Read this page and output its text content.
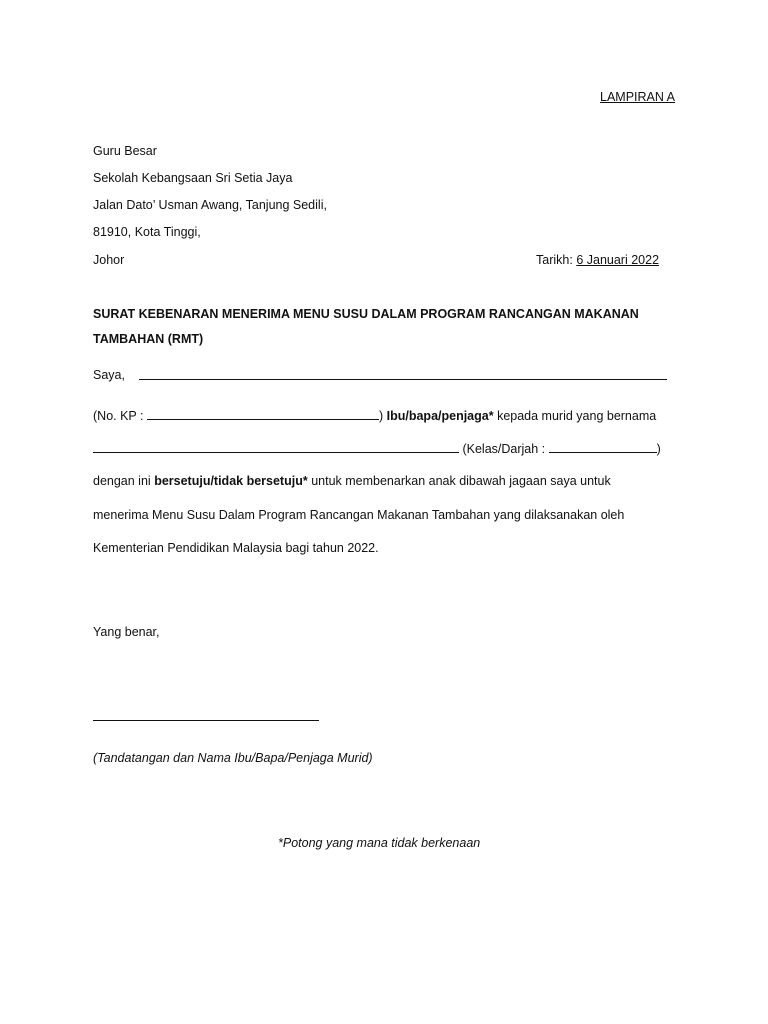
LAMPIRAN A
Guru Besar
Sekolah Kebangsaan Sri Setia Jaya
Jalan Dato’ Usman Awang, Tanjung Sedili,
81910, Kota Tinggi,
Johor	Tarikh: 6 Januari 2022
SURAT KEBENARAN MENERIMA MENU SUSU DALAM PROGRAM RANCANGAN MAKANAN
TAMBAHAN (RMT)
Saya,
(No. KP :	) Ibu/bapa/penjaga* kepada murid yang bernama
(Kelas/Darjah :	)
dengan ini bersetuju/tidak bersetuju* untuk membenarkan anak dibawah jagaan saya untuk
menerima Menu Susu Dalam Program Rancangan Makanan Tambahan yang dilaksanakan oleh
Kementerian Pendidikan Malaysia bagi tahun 2022.
Yang benar,
(Tandatangan dan Nama Ibu/Bapa/Penjaga Murid)
*Potong yang mana tidak berkenaan
